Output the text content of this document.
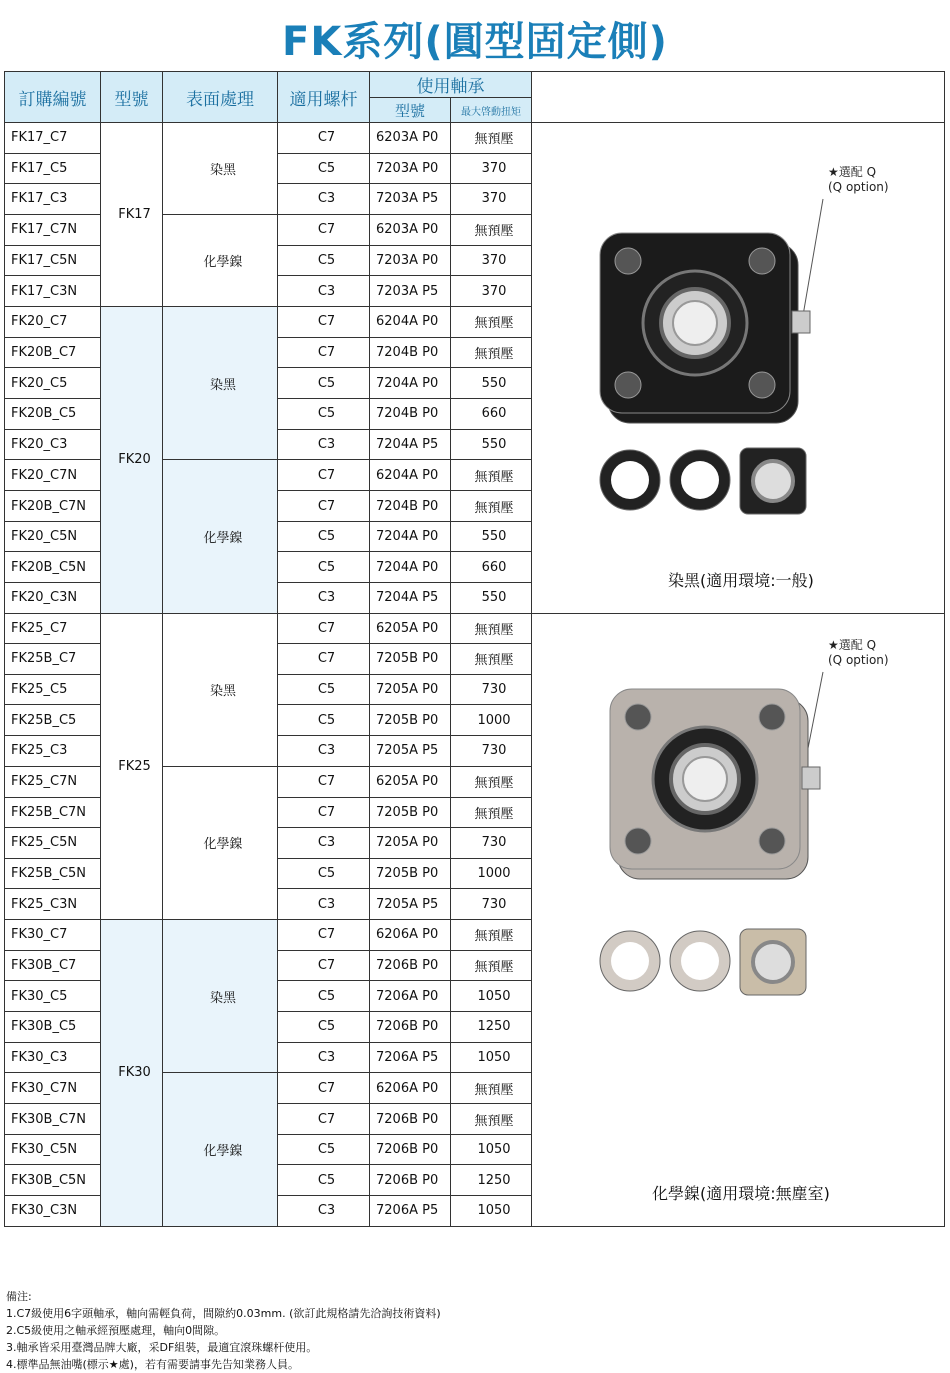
FK系列(圓型固定側)
訂購編號	型號	表面處理	適用螺杆	使用軸承		
				型號	最大啓動扭矩	
FK17_C7	FK17	染黑	C7	6203A P0	無預壓	★選配 Q
(Q option)
染黑(適用環境:一般)

FK17_C5			C5	7203A P0	370	
FK17_C3			C3	7203A P5	370	
FK17_C7N		化學鎳	C7	6203A P0	無預壓	
FK17_C5N			C5	7203A P0	370	
FK17_C3N			C3	7203A P5	370	
FK20_C7	FK20	染黑	C7	6204A P0	無預壓	
FK20B_C7			C7	7204B P0	無預壓	
FK20_C5			C5	7204A P0	550	
FK20B_C5			C5	7204B P0	660	
FK20_C3			C3	7204A P5	550	
FK20_C7N		化學鎳	C7	6204A P0	無預壓	
FK20B_C7N			C7	7204B P0	無預壓	
FK20_C5N			C5	7204A P0	550	
FK20B_C5N			C5	7204A P0	660	
FK20_C3N			C3	7204A P5	550	
FK25_C7	FK25	染黑	C7	6205A P0	無預壓	★選配 Q
(Q option)
化學鎳(適用環境:無塵室)

FK25B_C7			C7	7205B P0	無預壓	
FK25_C5			C5	7205A P0	730	
FK25B_C5			C5	7205B P0	1000	
FK25_C3			C3	7205A P5	730	
FK25_C7N		化學鎳	C7	6205A P0	無預壓	
FK25B_C7N			C7	7205B P0	無預壓	
FK25_C5N			C3	7205A P0	730	
FK25B_C5N			C5	7205B P0	1000	
FK25_C3N			C3	7205A P5	730	
FK30_C7	FK30	染黑	C7	6206A P0	無預壓	
FK30B_C7			C7	7206B P0	無預壓	
FK30_C5			C5	7206A P0	1050	
FK30B_C5			C5	7206B P0	1250	
FK30_C3			C3	7206A P5	1050	
FK30_C7N		化學鎳	C7	6206A P0	無預壓	
FK30B_C7N			C7	7206B P0	無預壓	
FK30_C5N			C5	7206B P0	1050	
FK30B_C5N			C5	7206B P0	1250	
FK30_C3N			C3	7206A P5	1050	
備注:
1.C7級使用6字頭軸承，軸向需輕負荷，間隙約0.03mm. (欲訂此規格請先洽詢技術資料)
2.C5級使用之軸承經預壓處理，軸向0間隙。
3.軸承皆采用臺灣品牌大廠，采DF組裝，最適宜滾珠螺杆使用。
4.標準品無油嘴(標示★處)，若有需要請事先告知業務人員。
